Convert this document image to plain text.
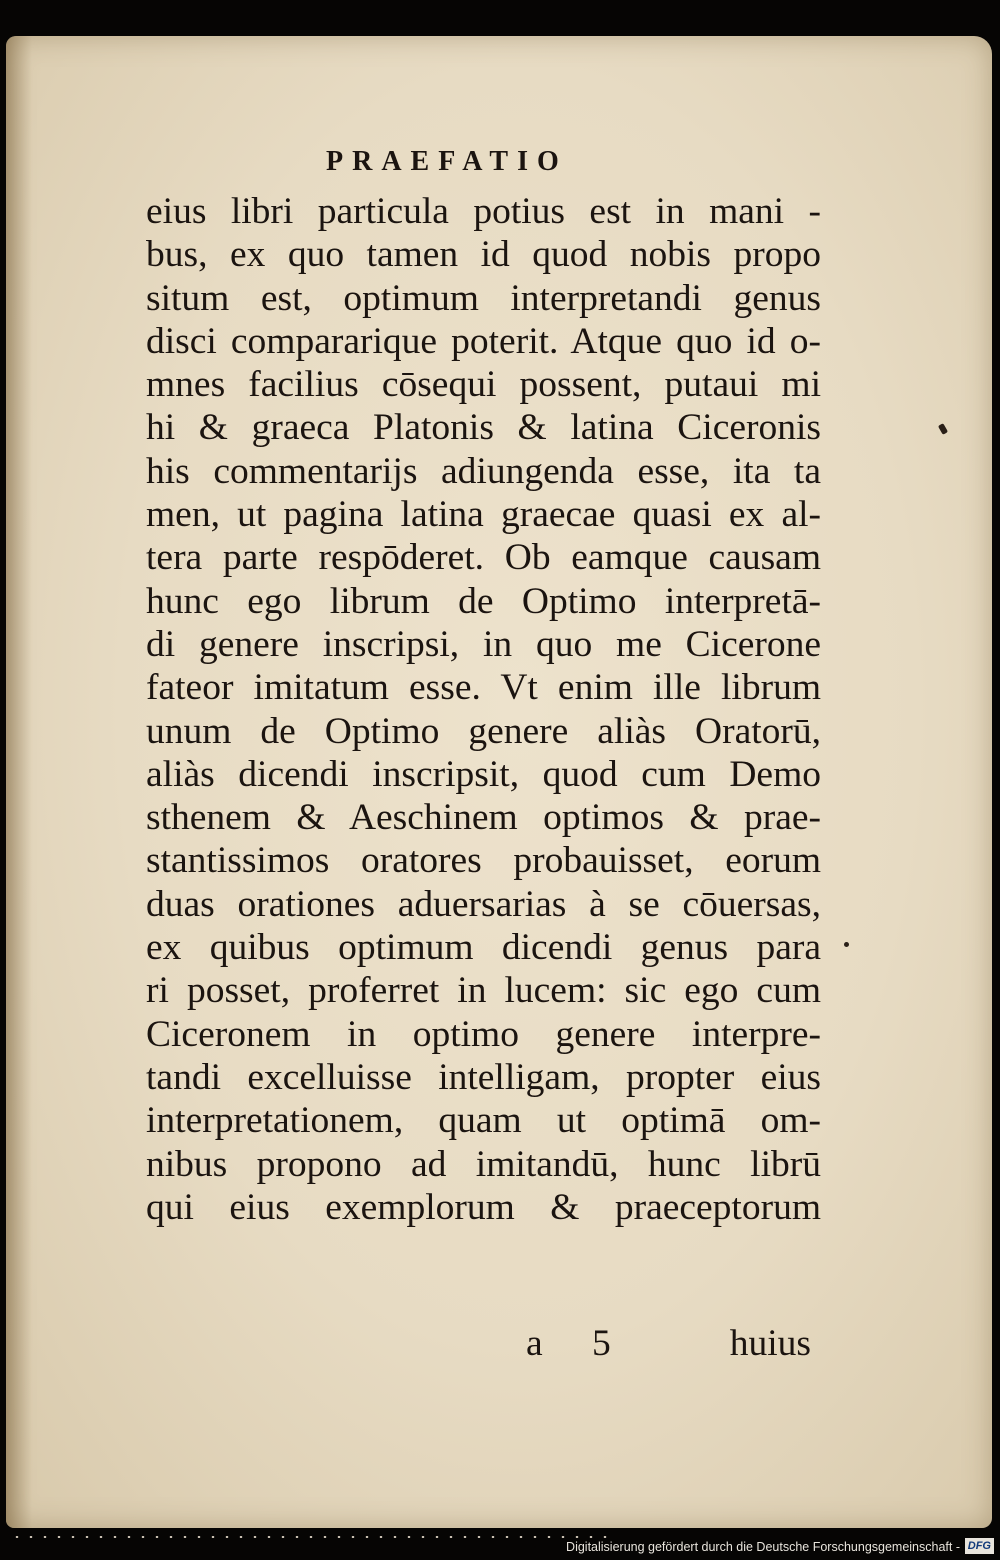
PRAEFATIO
eius libri particula potius est in mani -
bus, ex quo tamen id quod nobis propo
situm est, optimum interpretandi genus
disci compararique poterit. Atque quo id o-
mnes facilius cōsequi possent, putaui mi
hi & graeca Platonis & latina Ciceronis
his commentarijs adiungenda esse, ita ta
men, ut pagina latina graecae quasi ex al-
tera parte respōderet. Ob eamque causam
hunc ego librum de Optimo interpretā-
di genere inscripsi, in quo me Cicerone
fateor imitatum esse. Vt enim ille librum
unum de Optimo genere aliàs Oratorū,
aliàs dicendi inscripsit, quod cum Demo
sthenem & Aeschinem optimos & prae-
stantissimos oratores probauisset, eorum
duas orationes aduersarias à se cōuersas,
ex quibus optimum dicendi genus para
ri posset, proferret in lucem: sic ego cum
Ciceronem in optimo genere interpre-
tandi excelluisse intelligam, propter eius
interpretationem, quam ut optimā om-
nibus propono ad imitandū, hunc librū
qui eius exemplorum & praeceptorum
a 5	huius
Digitalisierung gefördert durch die Deutsche Forschungsgemeinschaft - DFG
